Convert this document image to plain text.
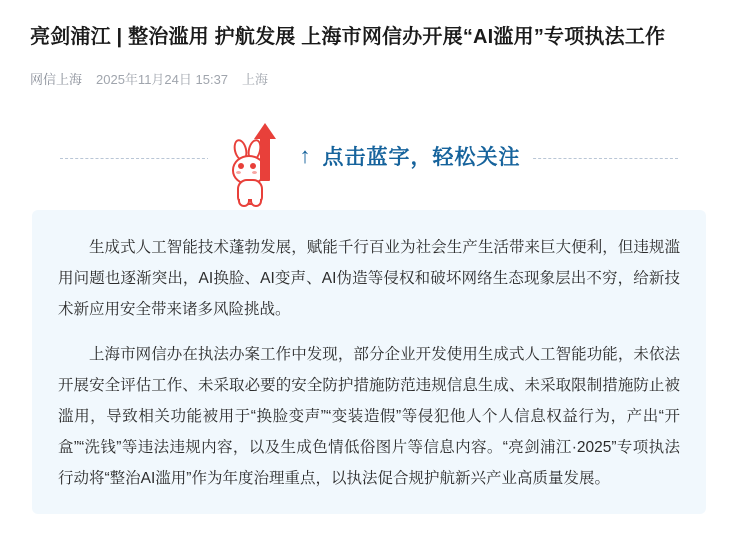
亮剑浦江 | 整治滥用 护航发展 上海市网信办开展“AI滥用”专项执法工作
网信上海 2025年11月24日 15:37 上海
↑ 点击蓝字，轻松关注

生成式人工智能技术蓬勃发展，赋能千行百业为社会生产生活带来巨大便利，但违规滥用问题也逐渐突出，AI换脸、AI变声、AI伪造等侵权和破坏网络生态现象层出不穷，给新技术新应用安全带来诸多风险挑战。

上海市网信办在执法办案工作中发现，部分企业开发使用生成式人工智能功能，未依法开展安全评估工作、未采取必要的安全防护措施防范违规信息生成、未采取限制措施防止被滥用，导致相关功能被用于“换脸变声”“变装造假”等侵犯他人个人信息权益行为，产出“开盒”“洗钱”等违法违规内容，以及生成色情低俗图片等信息内容。“亮剑浦江·2025”专项执法行动将“整治AI滥用”作为年度治理重点，以执法促合规护航新兴产业高质量发展。
